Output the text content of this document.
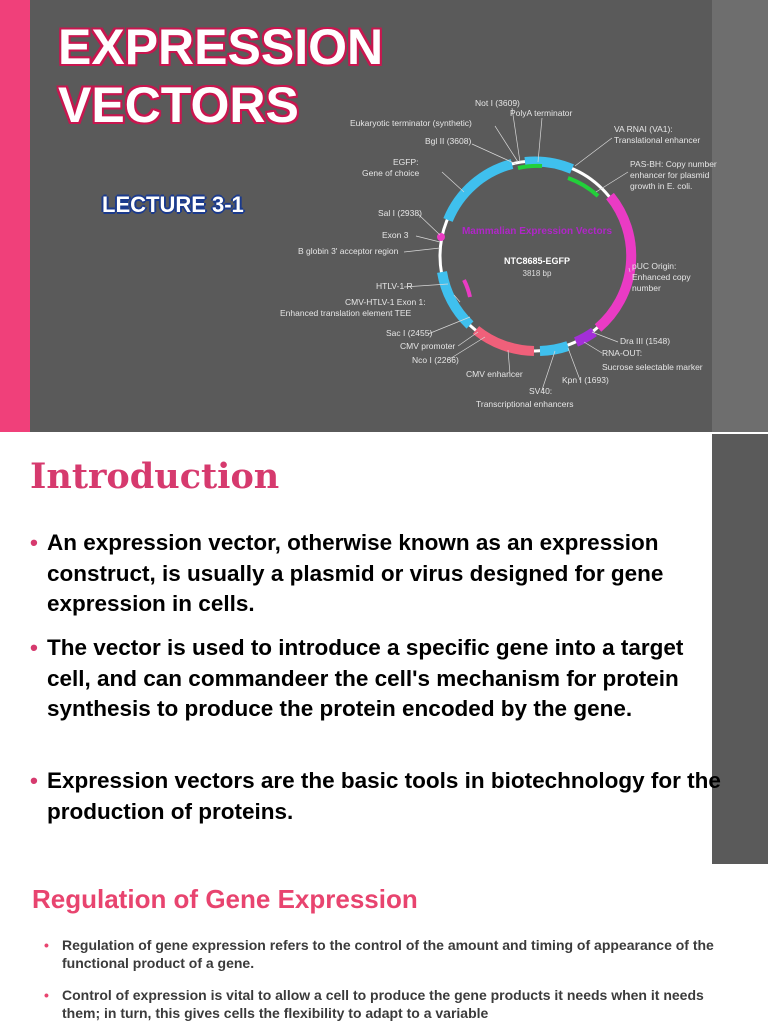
EXPRESSION
VECTORS
LECTURE 3-1
Mammalian Expression Vectors
NTC8685-EGFP
3818 bp
Not I (3609)
PolyA terminator
Eukaryotic terminator (synthetic)
VA RNAI (VA1):
Translational enhancer
Bgl II (3608)
PAS-BH: Copy number
enhancer for plasmid
growth in E. coli.
EGFP:
Gene of choice
Sal I (2938)
Exon 3
B globin 3' acceptor region
pUC Origin:
Enhanced copy
number
HTLV-1 R
CMV-HTLV-1 Exon 1:
Enhanced translation element TEE
Sac I (2455)
Dra III (1548)
CMV promoter
RNA-OUT:
Nco I (2266)
Sucrose selectable marker
CMV enhancer
Kpn I (1693)
SV40:
Transcriptional enhancers
Introduction
• An expression vector, otherwise known as an expression construct, is usually a plasmid or virus designed for gene expression in cells.
• The vector is used to introduce a specific gene into a target cell, and can commandeer the cell's mechanism for protein synthesis to produce the protein encoded by the gene.
• Expression vectors are the basic tools in biotechnology for the production of proteins.
Regulation of Gene Expression
• Regulation of gene expression refers to the control of the amount and timing of appearance of the functional product of a gene.
• Control of expression is vital to allow a cell to produce the gene products it needs when it needs them; in turn, this gives cells the flexibility to adapt to a variable
